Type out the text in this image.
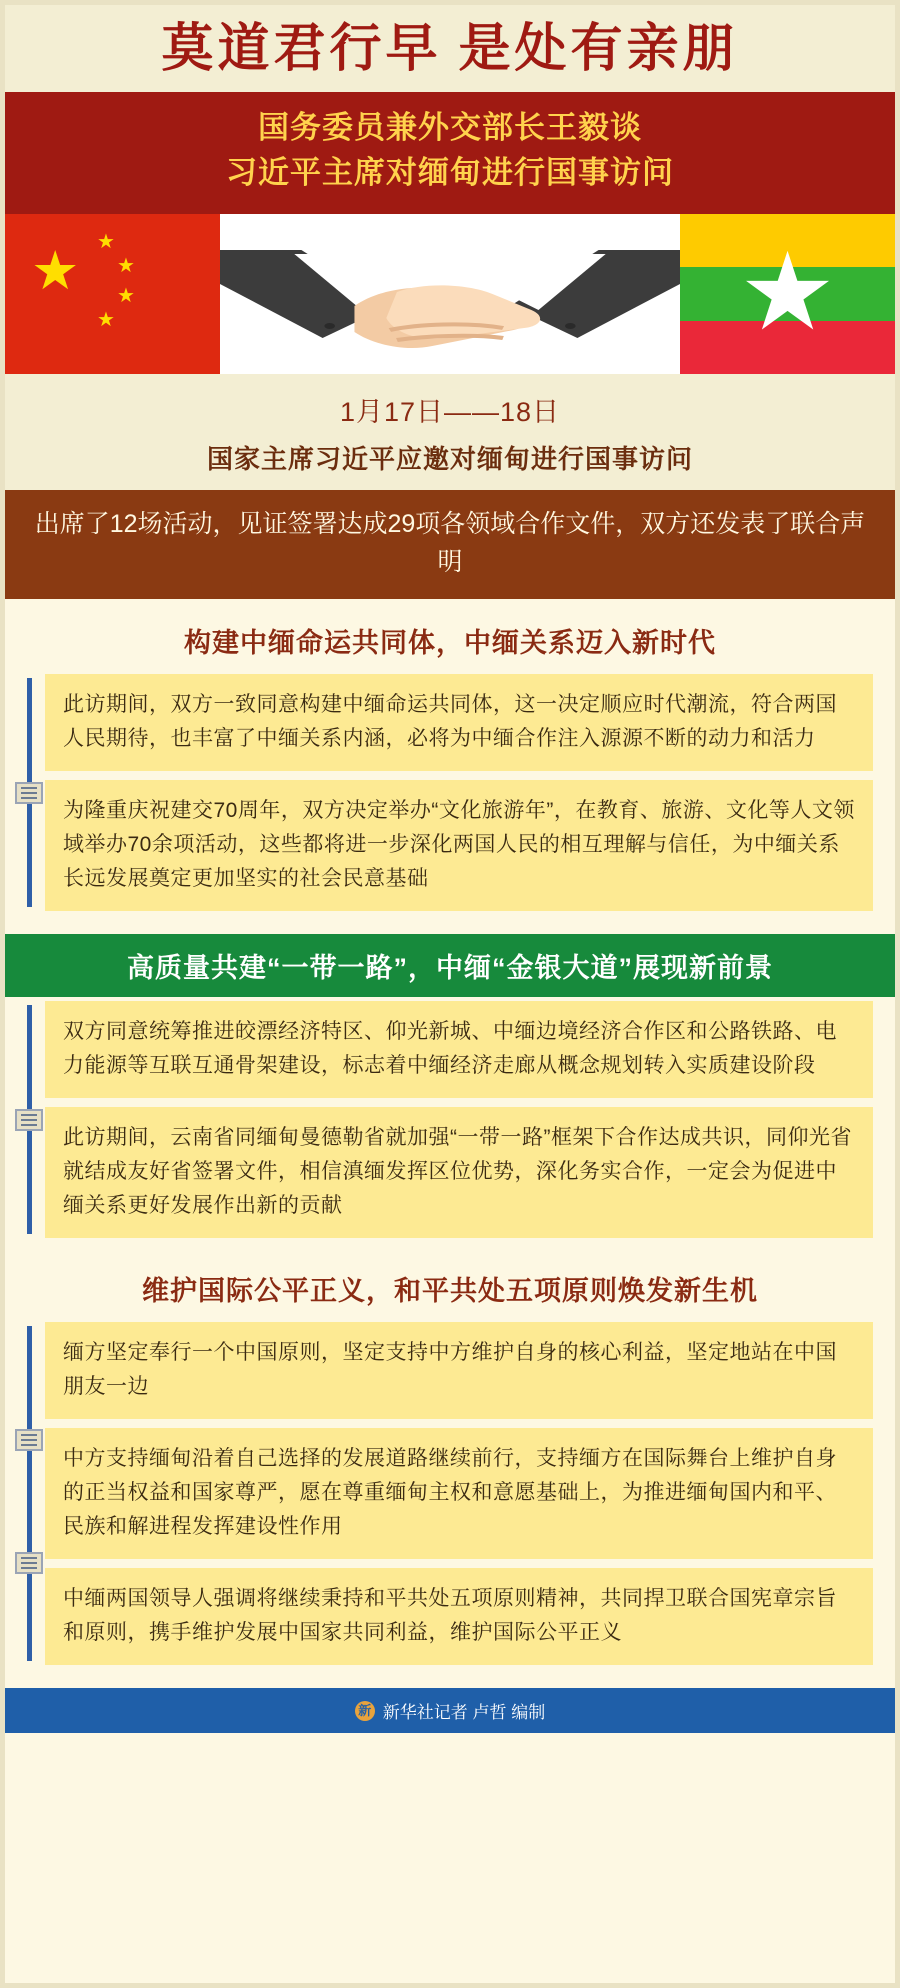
莫道君行早 是处有亲朋
国务委员兼外交部长王毅谈
习近平主席对缅甸进行国事访问
★ ★
★
★
★	★
1月17日——18日
国家主席习近平应邀对缅甸进行国事访问
出席了12场活动，见证签署达成29项各领域合作文件，双方还发表了联合声明
构建中缅命运共同体，中缅关系迈入新时代
此访期间，双方一致同意构建中缅命运共同体，这一决定顺应时代潮流，符合两国人民期待，也丰富了中缅关系内涵，必将为中缅合作注入源源不断的动力和活力
为隆重庆祝建交70周年，双方决定举办“文化旅游年”，在教育、旅游、文化等人文领域举办70余项活动，这些都将进一步深化两国人民的相互理解与信任，为中缅关系长远发展奠定更加坚实的社会民意基础
高质量共建“一带一路”，中缅“金银大道”展现新前景
双方同意统筹推进皎漂经济特区、仰光新城、中缅边境经济合作区和公路铁路、电力能源等互联互通骨架建设，标志着中缅经济走廊从概念规划转入实质建设阶段
此访期间，云南省同缅甸曼德勒省就加强“一带一路”框架下合作达成共识，同仰光省就结成友好省签署文件，相信滇缅发挥区位优势，深化务实合作，一定会为促进中缅关系更好发展作出新的贡献
维护国际公平正义，和平共处五项原则焕发新生机
缅方坚定奉行一个中国原则，坚定支持中方维护自身的核心利益，坚定地站在中国朋友一边
中方支持缅甸沿着自己选择的发展道路继续前行，支持缅方在国际舞台上维护自身的正当权益和国家尊严，愿在尊重缅甸主权和意愿基础上，为推进缅甸国内和平、民族和解进程发挥建设性作用
中缅两国领导人强调将继续秉持和平共处五项原则精神，共同捍卫联合国宪章宗旨和原则，携手维护发展中国家共同利益，维护国际公平正义
新 新华社记者 卢哲 编制
